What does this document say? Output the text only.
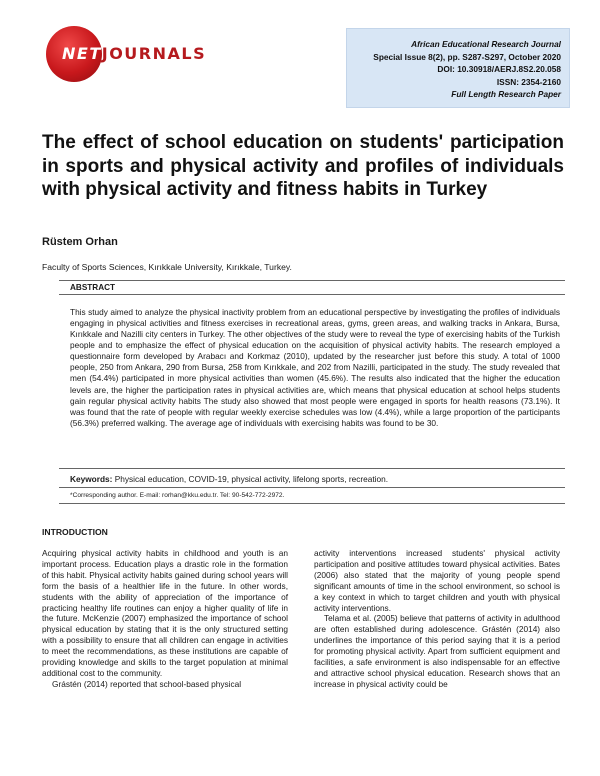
NETJOURNALS	African Educational Research Journal
Special Issue 8(2), pp. S287-S297, October 2020
DOI: 10.30918/AERJ.8S2.20.058
ISSN: 2354-2160
Full Length Research Paper
The effect of school education on students' participation in sports and physical activity and profiles of individuals with physical activity and fitness habits in Turkey
Rüstem Orhan
Faculty of Sports Sciences, Kırıkkale University, Kırıkkale, Turkey.
ABSTRACT
This study aimed to analyze the physical inactivity problem from an educational perspective by investigating the profiles of individuals engaging in physical activities and fitness exercises in recreational areas, gyms, green areas, and walking tracks in Ankara, Bursa, Kırıkkale and Nazilli city centers in Turkey. The other objectives of the study were to reveal the type of exercising habits of the Turkish people and to emphasize the effect of physical education on the acquisition of physical activity habits. The research employed a questionnaire form developed by Arabacı and Korkmaz (2010), updated by the researcher just before this study. A total of 1000 people, 250 from Ankara, 290 from Bursa, 258 from Kırıkkale, and 202 from Nazilli, participated in the study. The study revealed that men (54.4%) participated in more physical activities than women (45.6%). The results also indicated that the higher the education levels are, the higher the participation rates in physical activities are, which means that physical education at school helps students gain regular physical activity habits The study also showed that most people were engaged in sports for health reasons (73.1%). It was found that the rate of people with regular weekly exercise schedules was low (4.4%), while a large proportion of the participants (56.3%) preferred walking. The average age of individuals with exercising habits was found to be 30.
Keywords: Physical education, COVID-19, physical activity, lifelong sports, recreation.
*Corresponding author. E-mail: rorhan@kku.edu.tr. Tel: 90-542-772-2972.
INTRODUCTION

Acquiring physical activity habits in childhood and youth is an important process. Education plays a drastic role in the formation of this habit. Physical activity habits gained during school years will form the basis of a healthier life in the future. In other words, students with the ability of appreciation of the importance of practicing healthy life routines can enjoy a higher quality of life in the future. McKenzie (2007) emphasized the importance of school physical education by stating that it is the only structured setting with a possibility to ensure that all children can engage in activities to meet the recommendations, as these institutions are capable of providing knowledge and skills to the target population at minimal additional cost to the community.

Grástén (2014) reported that school-based physical

activity interventions increased students' physical activity participation and positive attitudes toward physical activities. Bates (2006) also stated that the majority of young people spend significant amounts of time in the school environment, so school is a key context in which to target children and youth with physical activity interventions.

Telama et al. (2005) believe that patterns of activity in adulthood are often established during adolescence. Grástén (2014) also underlines the importance of this period saying that it is a period for promoting physical activity. Apart from sufficient equipment and facilities, a safe environment is also indispensable for an effective and attractive school physical education. Research shows that an increase in physical activity could be
